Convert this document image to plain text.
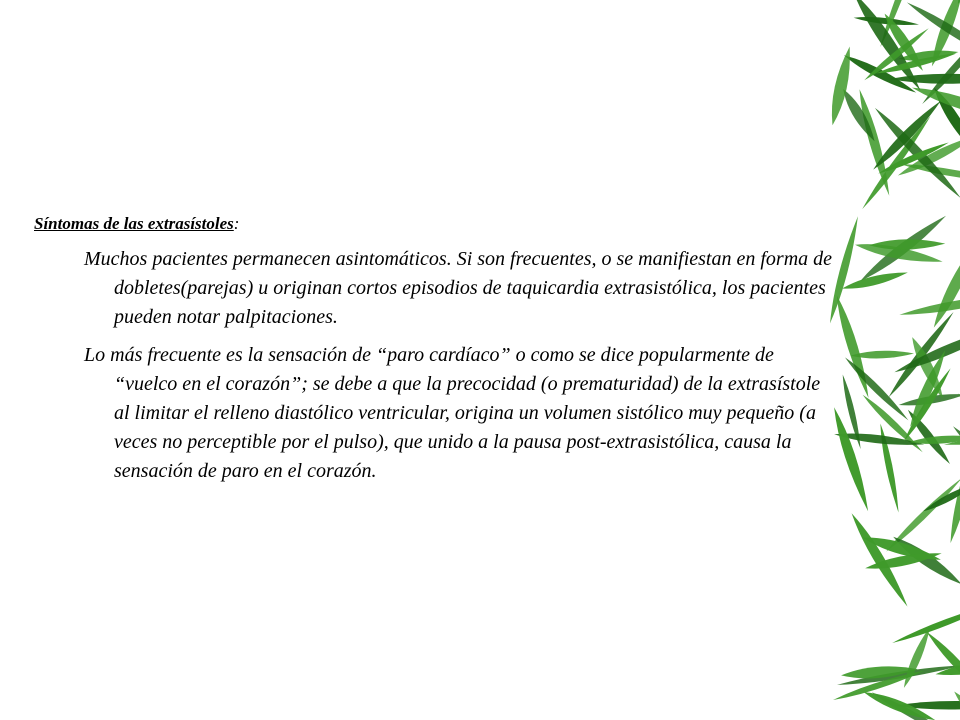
Síntomas de las extrasístoles:
Muchos pacientes permanecen asintomáticos. Si son frecuentes, o se manifiestan en forma de dobletes(parejas) u originan cortos episodios de taquicardia extrasistólica, los pacientes pueden notar palpitaciones.
Lo más frecuente es la sensación de “paro cardíaco” o como se dice popularmente de “vuelco en el corazón”; se debe a que la precocidad (o prematuridad) de la extrasístole al limitar el relleno diastólico ventricular, origina un volumen sistólico muy pequeño (a veces no perceptible por el pulso), que unido a la pausa post-extrasistólica, causa la sensación de paro en el corazón.
